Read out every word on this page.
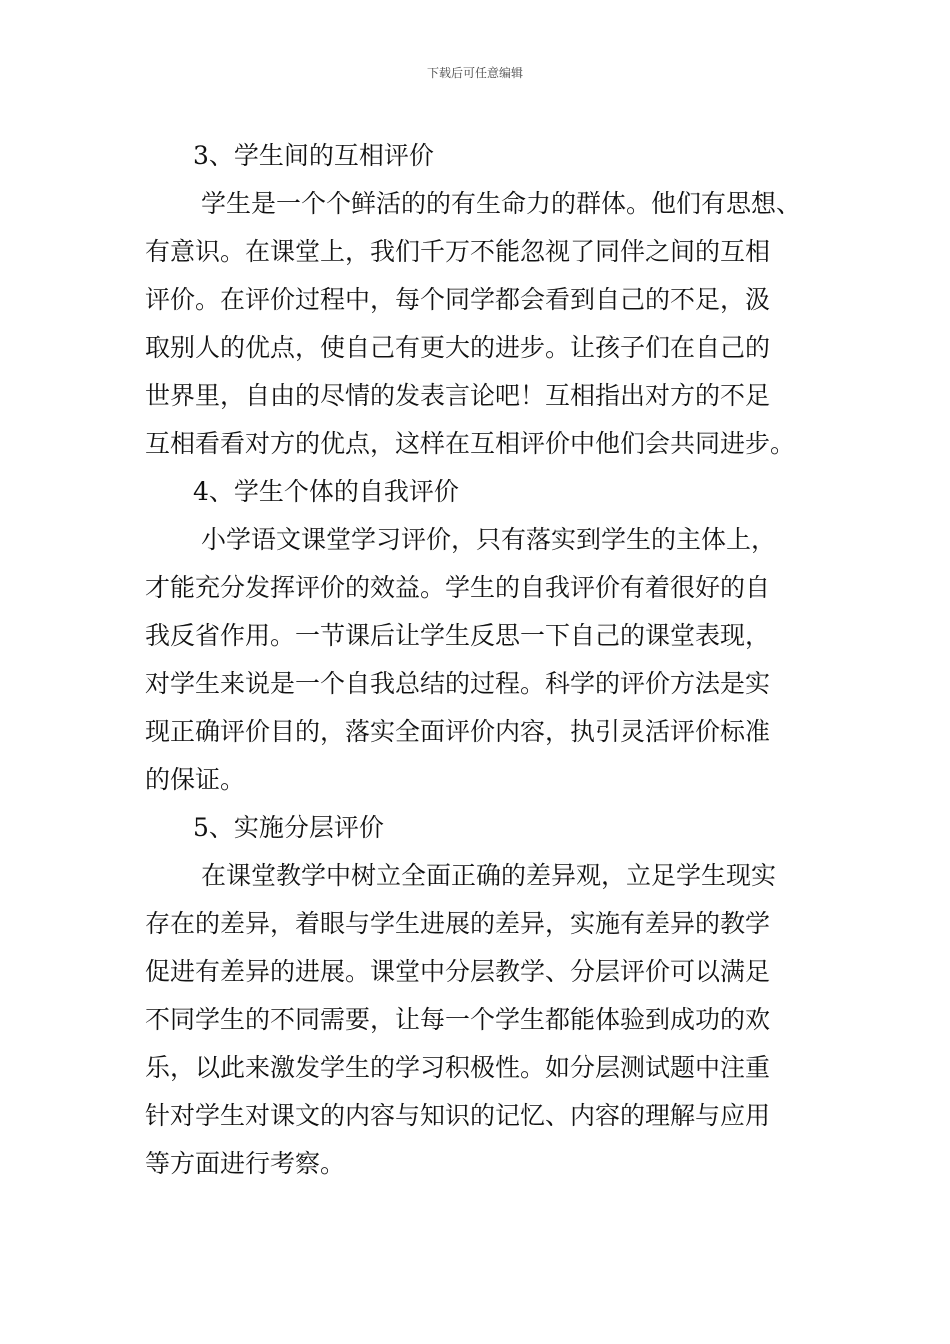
下载后可任意编辑
3、学生间的互相评价
学生是一个个鲜活的的有生命力的群体。他们有思想、
有意识。在课堂上，我们千万不能忽视了同伴之间的互相
评价。在评价过程中，每个同学都会看到自己的不足，汲
取别人的优点，使自己有更大的进步。让孩子们在自己的
世界里，自由的尽情的发表言论吧！互相指出对方的不足
互相看看对方的优点，这样在互相评价中他们会共同进步。
4、学生个体的自我评价
小学语文课堂学习评价，只有落实到学生的主体上，
才能充分发挥评价的效益。学生的自我评价有着很好的自
我反省作用。一节课后让学生反思一下自己的课堂表现，
对学生来说是一个自我总结的过程。科学的评价方法是实
现正确评价目的，落实全面评价内容，执引灵活评价标准
的保证。
5、实施分层评价
在课堂教学中树立全面正确的差异观，立足学生现实
存在的差异，着眼与学生进展的差异，实施有差异的教学
促进有差异的进展。课堂中分层教学、分层评价可以满足
不同学生的不同需要，让每一个学生都能体验到成功的欢
乐，以此来激发学生的学习积极性。如分层测试题中注重
针对学生对课文的内容与知识的记忆、内容的理解与应用
等方面进行考察。
